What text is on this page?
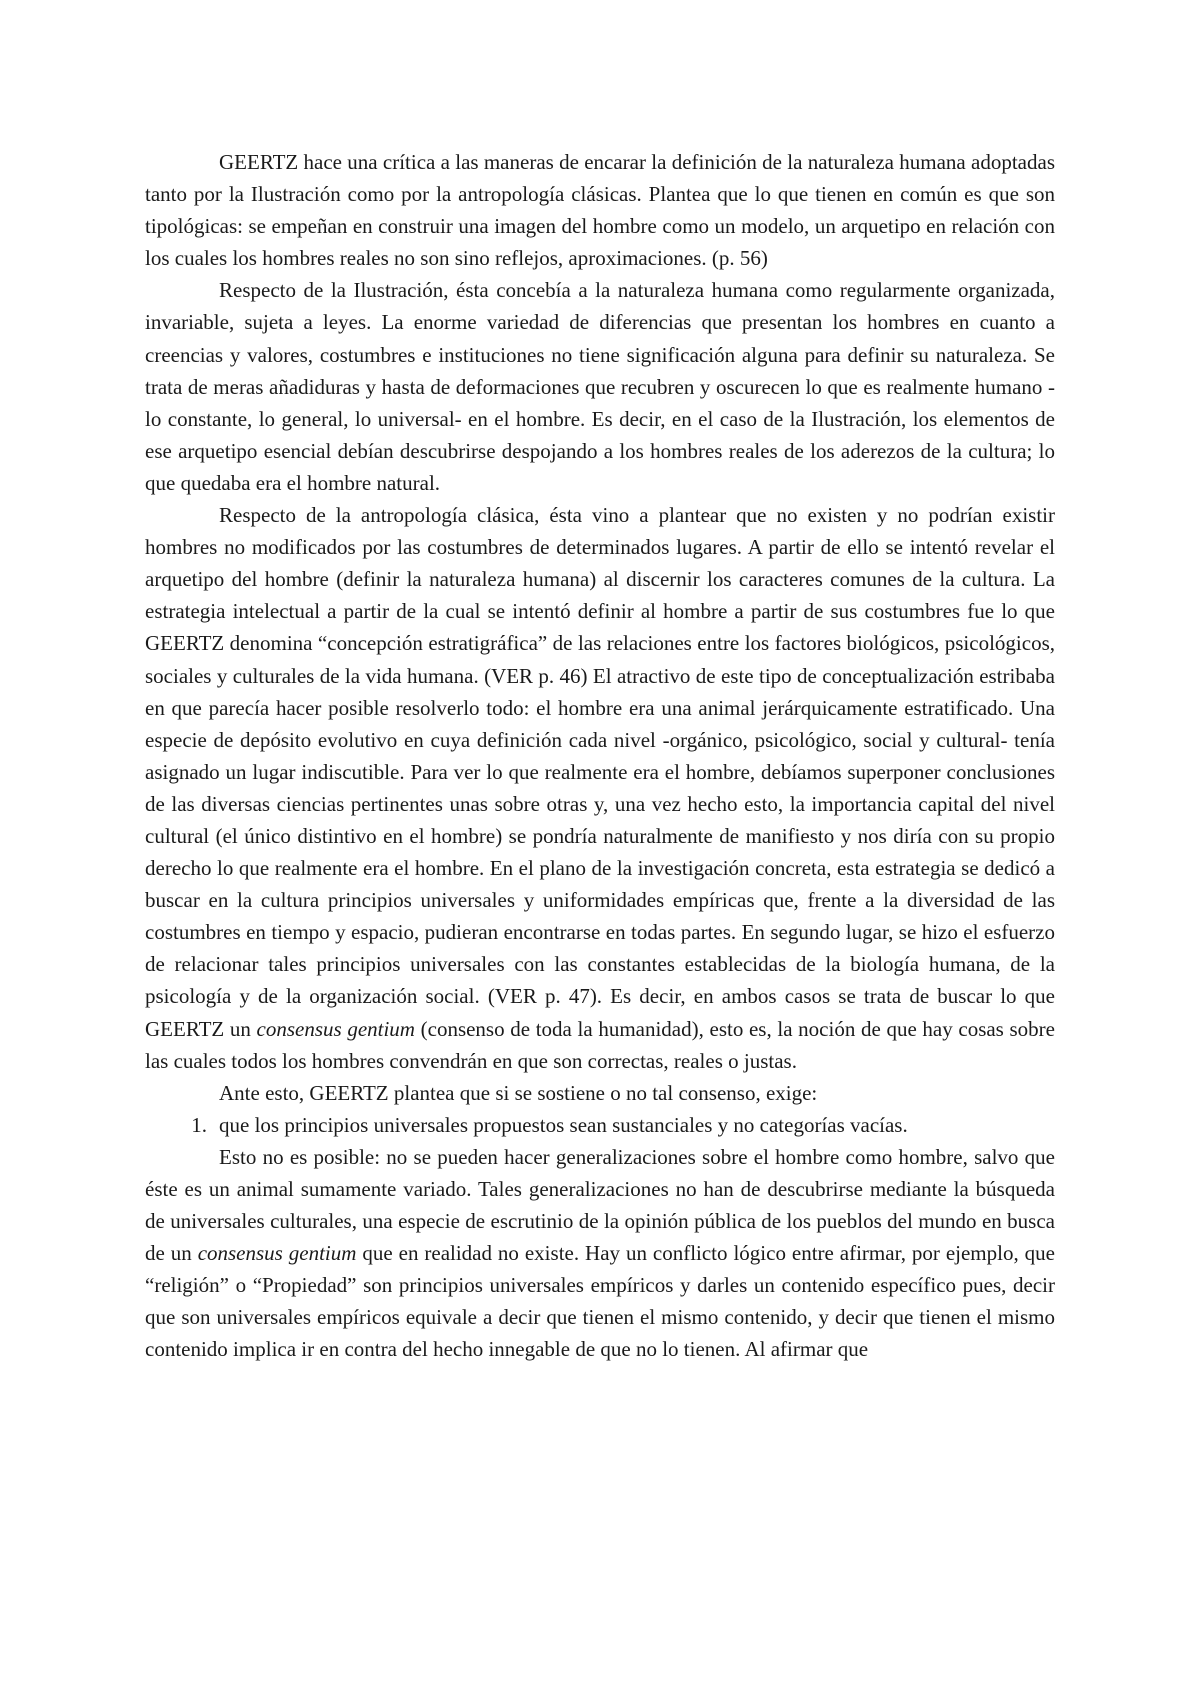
GEERTZ hace una crítica a las maneras de encarar la definición de la naturaleza humana adoptadas tanto por la Ilustración como por la antropología clásicas. Plantea que lo que tienen en común es que son tipológicas: se empeñan en construir una imagen del hombre como un modelo, un arquetipo en relación con los cuales los hombres reales no son sino reflejos, aproximaciones. (p. 56)

Respecto de la Ilustración, ésta concebía a la naturaleza humana como regularmente organizada, invariable, sujeta a leyes. La enorme variedad de diferencias que presentan los hombres en cuanto a creencias y valores, costumbres e instituciones no tiene significación alguna para definir su naturaleza. Se trata de meras añadiduras y hasta de deformaciones que recubren y oscurecen lo que es realmente humano -lo constante, lo general, lo universal- en el hombre. Es decir, en el caso de la Ilustración, los elementos de ese arquetipo esencial debían descubrirse despojando a los hombres reales de los aderezos de la cultura; lo que quedaba era el hombre natural.

Respecto de la antropología clásica, ésta vino a plantear que no existen y no podrían existir hombres no modificados por las costumbres de determinados lugares. A partir de ello se intentó revelar el arquetipo del hombre (definir la naturaleza humana) al discernir los caracteres comunes de la cultura. La estrategia intelectual a partir de la cual se intentó definir al hombre a partir de sus costumbres fue lo que GEERTZ denomina “concepción estratigráfica” de las relaciones entre los factores biológicos, psicológicos, sociales y culturales de la vida humana. (VER p. 46) El atractivo de este tipo de conceptualización estribaba en que parecía hacer posible resolverlo todo: el hombre era una animal jerárquicamente estratificado. Una especie de depósito evolutivo en cuya definición cada nivel -orgánico, psicológico, social y cultural- tenía asignado un lugar indiscutible. Para ver lo que realmente era el hombre, debíamos superponer conclusiones de las diversas ciencias pertinentes unas sobre otras y, una vez hecho esto, la importancia capital del nivel cultural (el único distintivo en el hombre) se pondría naturalmente de manifiesto y nos diría con su propio derecho lo que realmente era el hombre. En el plano de la investigación concreta, esta estrategia se dedicó a buscar en la cultura principios universales y uniformidades empíricas que, frente a la diversidad de las costumbres en tiempo y espacio, pudieran encontrarse en todas partes. En segundo lugar, se hizo el esfuerzo de relacionar tales principios universales con las constantes establecidas de la biología humana, de la psicología y de la organización social. (VER p. 47). Es decir, en ambos casos se trata de buscar lo que GEERTZ un consensus gentium (consenso de toda la humanidad), esto es, la noción de que hay cosas sobre las cuales todos los hombres convendrán en que son correctas, reales o justas.

Ante esto, GEERTZ plantea que si se sostiene o no tal consenso, exige:

1. que los principios universales propuestos sean sustanciales y no categorías vacías.

Esto no es posible: no se pueden hacer generalizaciones sobre el hombre como hombre, salvo que éste es un animal sumamente variado. Tales generalizaciones no han de descubrirse mediante la búsqueda de universales culturales, una especie de escrutinio de la opinión pública de los pueblos del mundo en busca de un consensus gentium que en realidad no existe. Hay un conflicto lógico entre afirmar, por ejemplo, que “religión” o “Propiedad” son principios universales empíricos y darles un contenido específico pues, decir que son universales empíricos equivale a decir que tienen el mismo contenido, y decir que tienen el mismo contenido implica ir en contra del hecho innegable de que no lo tienen. Al afirmar que
